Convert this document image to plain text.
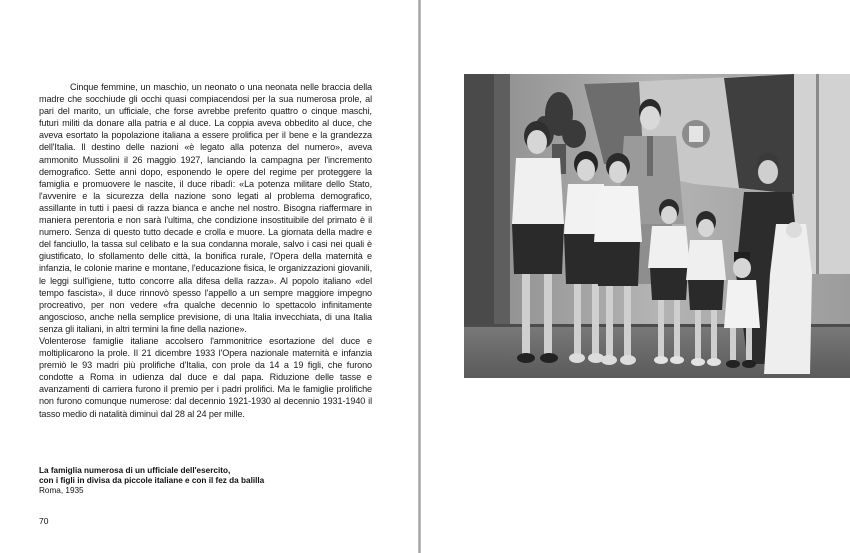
Cinque femmine, un maschio, un neonato o una neonata nelle braccia della madre che socchiude gli occhi quasi compiacendosi per la sua numerosa prole, al pari del marito, un ufficiale, che forse avrebbe preferito quattro o cinque maschi, futuri militi da donare alla patria e al duce. La coppia aveva obbedito al duce, che aveva esortato la popolazione italiana a essere prolifica per il bene e la grandezza dell'Italia. Il destino delle nazioni «è legato alla potenza del numero», aveva ammonito Mussolini il 26 maggio 1927, lanciando la campagna per l'incremento demografico. Sette anni dopo, esponendo le opere del regime per proteggere la famiglia e promuovere le nascite, il duce ribadì: «La potenza militare dello Stato, l'avvenire e la sicurezza della nazione sono legati al problema demografico, assillante in tutti i paesi di razza bianca e anche nel nostro. Bisogna riaffermare in maniera perentoria e non sarà l'ultima, che condizione insostituibile del primato è il numero. Senza di questo tutto decade e crolla e muore. La giornata della madre e del fanciullo, la tassa sul celibato e la sua condanna morale, salvo i casi nei quali è giustificato, lo sfollamento delle città, la bonifica rurale, l'Opera della maternità e infanzia, le colonie marine e montane, l'educazione fisica, le organizzazioni giovanili, le leggi sull'igiene, tutto concorre alla difesa della razza». Al popolo italiano «del tempo fascista», il duce rinnovò spesso l'appello a un sempre maggiore impegno procreativo, per non vedere «fra qualche decennio lo spettacolo infinitamente angoscioso, anche nella semplice previsione, di una Italia invecchiata, di una Italia senza gli italiani, in altri termini la fine della nazione».

Volenterose famiglie italiane accolsero l'ammonitrice esortazione del duce e moltiplicarono la prole. Il 21 dicembre 1933 l'Opera nazionale maternità e infanzia premiò le 93 madri più prolifiche d'Italia, con prole da 14 a 19 figli, che furono condotte a Roma in udienza dal duce e dal papa. Riduzione delle tasse e avanzamenti di carriera furono il premio per i padri prolifici. Ma le famiglie prolifiche non furono comunque numerose: dal decennio 1921-1930 al decennio 1931-1940 il tasso medio di natalità diminuì dal 28 al 24 per mille.

La famiglia numerosa di un ufficiale dell'esercito,
con i figli in divisa da piccole italiane e con il fez da balilla
Roma, 1935
70
